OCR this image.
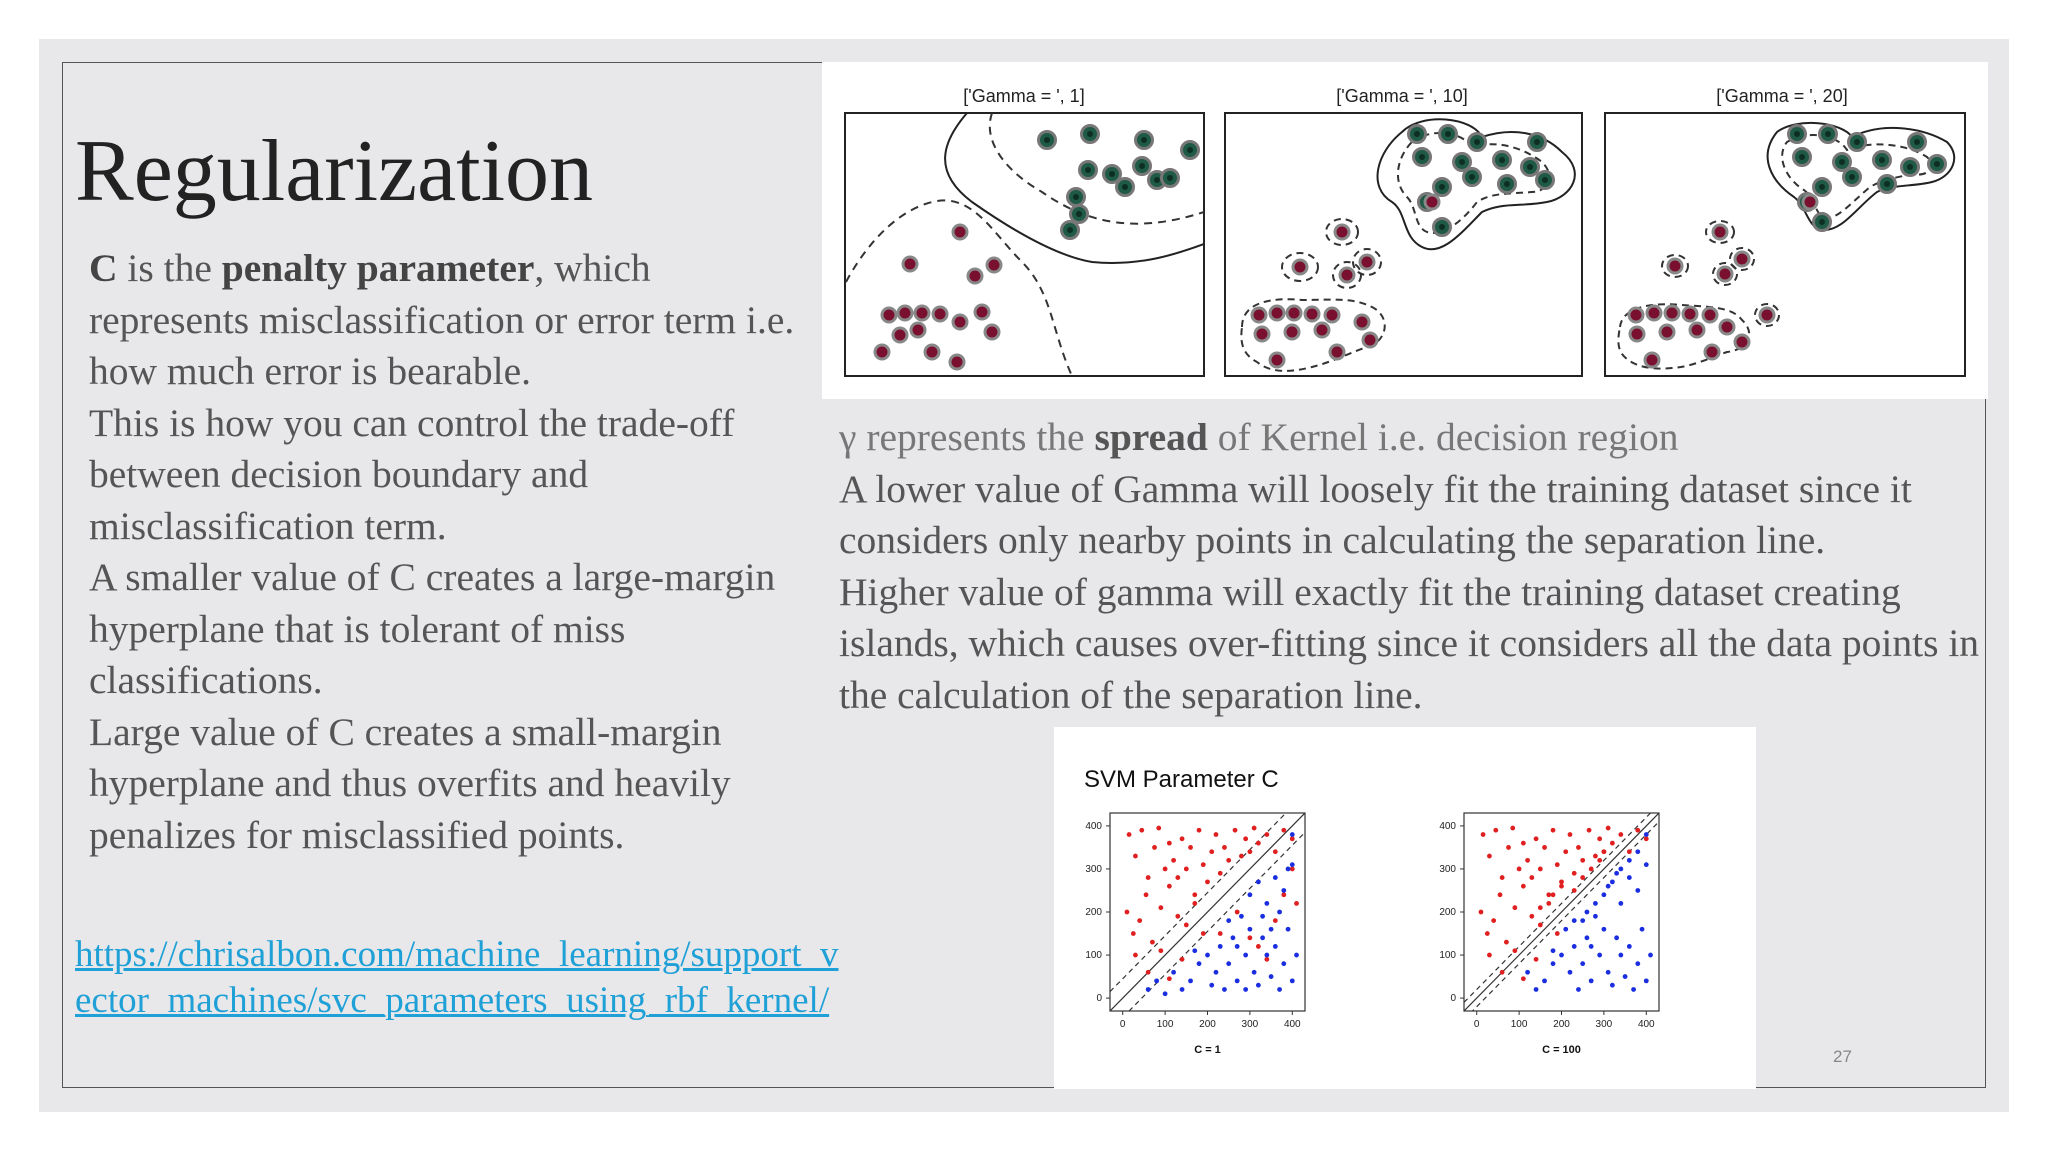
Regularization

C is the penalty parameter, which represents misclassification or error term i.e. how much error is bearable.

This is how you can control the trade-off between decision boundary and misclassification term.

A smaller value of C creates a large-margin hyperplane that is tolerant of miss classifications.

Large value of C creates a small-margin hyperplane and thus overfits and heavily penalizes for misclassified points.

https://chrisalbon.com/machine_learning/support_vector_machines/svc_parameters_using_rbf_kernel/
['Gamma = ', 1]	['Gamma = ', 10]	['Gamma = ', 20]

γ represents the spread of Kernel i.e. decision region

A lower value of Gamma will loosely fit the training dataset since it considers only nearby points in calculating the separation line.

Higher value of gamma will exactly fit the training dataset creating islands, which causes over-fitting since it considers all the data points in the calculation of the separation line.

SVM Parameter C
0	100	200	300	400
0
100
200
300
400
C = 1
0	100	200	300	400
0
100
200
300
400
C = 100	27
